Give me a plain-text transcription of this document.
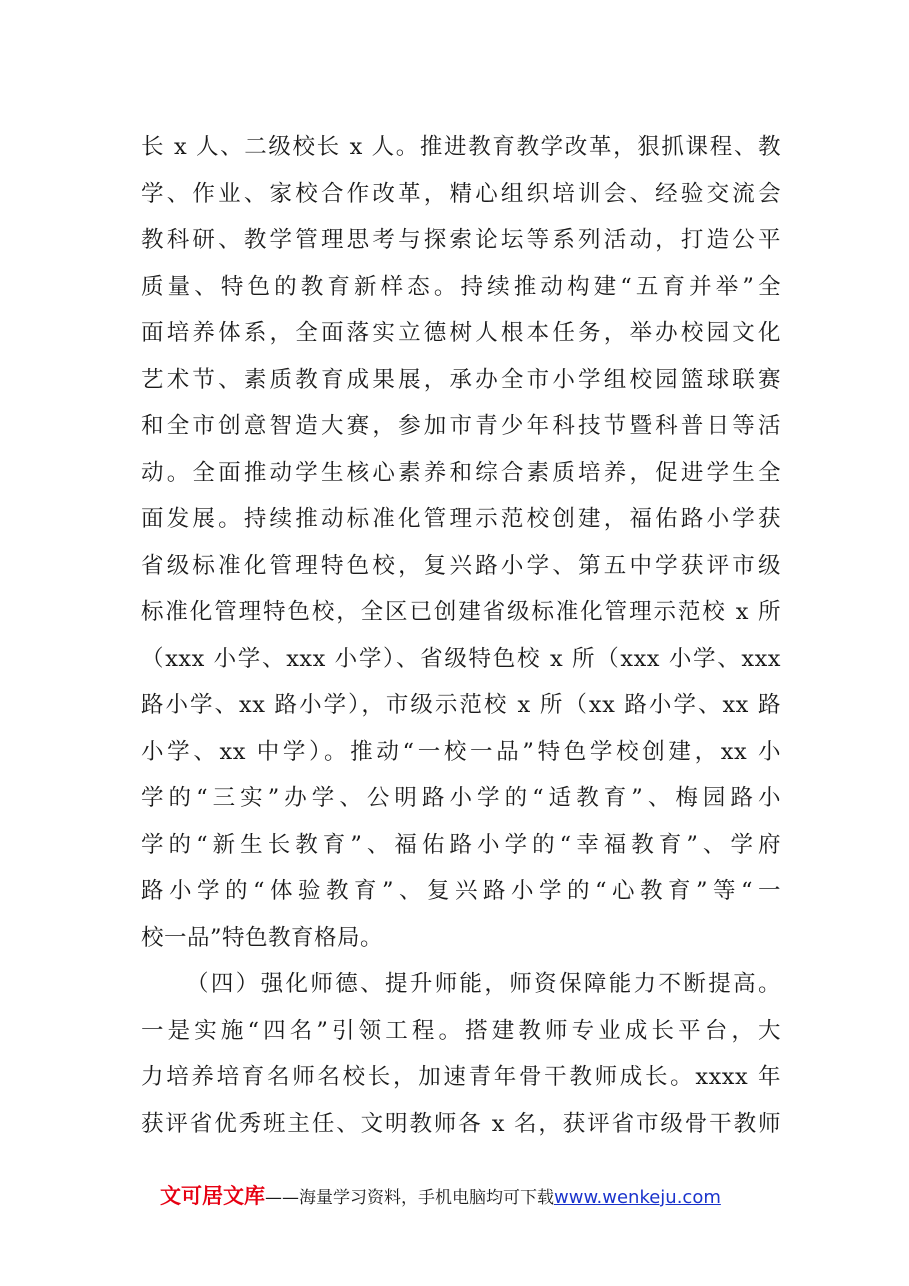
长 x 人、二级校长 x 人。推进教育教学改革，狠抓课程、教
学、作业、家校合作改革，精心组织培训会、经验交流会
教科研、教学管理思考与探索论坛等系列活动，打造公平
质量、特色的教育新样态。持续推动构建“五育并举”全
面培养体系，全面落实立德树人根本任务，举办校园文化
艺术节、素质教育成果展，承办全市小学组校园篮球联赛
和全市创意智造大赛，参加市青少年科技节暨科普日等活
动。全面推动学生核心素养和综合素质培养，促进学生全
面发展。持续推动标准化管理示范校创建，福佑路小学获
省级标准化管理特色校，复兴路小学、第五中学获评市级
标准化管理特色校，全区已创建省级标准化管理示范校 x 所
（xxx 小学、xxx 小学）、省级特色校 x 所（xxx 小学、xxx
路小学、xx 路小学），市级示范校 x 所（xx 路小学、xx 路
小学、xx 中学）。推动“一校一品”特色学校创建，xx 小
学的“三实”办学、公明路小学的“适教育”、梅园路小
学的“新生长教育”、福佑路小学的“幸福教育”、学府
路小学的“体验教育”、复兴路小学的“心教育”等“一
校一品”特色教育格局。
（四）强化师德、提升师能，师资保障能力不断提高。
一是实施“四名”引领工程。搭建教师专业成长平台，大
力培养培育名师名校长，加速青年骨干教师成长。xxxx 年
获评省优秀班主任、文明教师各 x 名，获评省市级骨干教师
文可居文库——海量学习资料，手机电脑均可下载www.wenkeju.com
